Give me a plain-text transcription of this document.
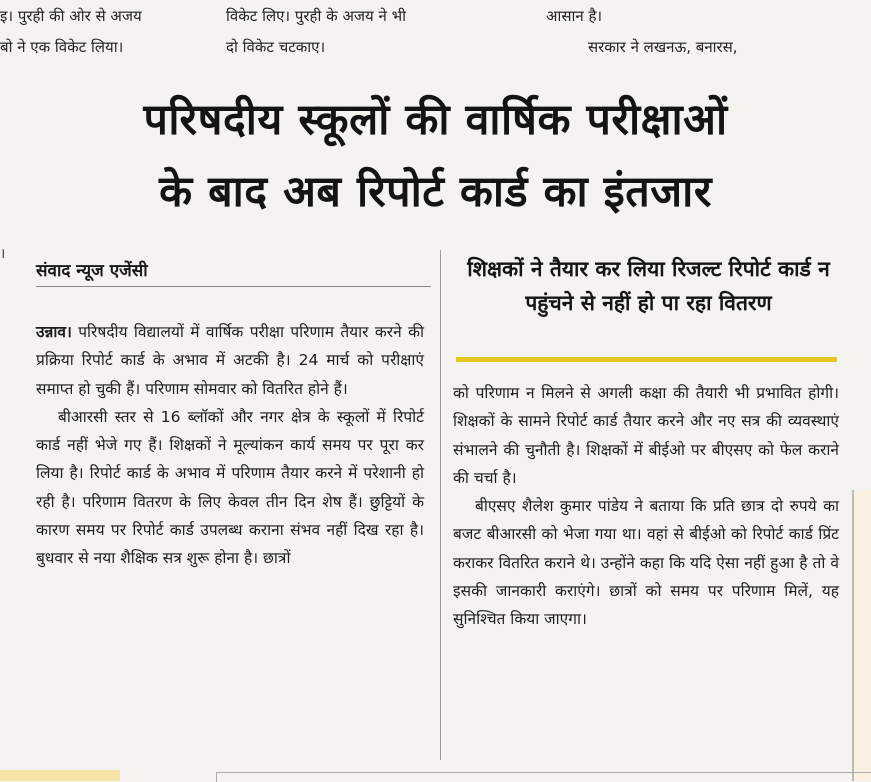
इ। पुरही की ओर से अजय
बो ने एक विकेट लिया।
विकेट लिए। पुरही के अजय ने भी
दो विकेट चटकाए।
आसान है।
सरकार ने लखनऊ, बनारस,
परिषदीय स्कूलों की वार्षिक परीक्षाओं
के बाद अब रिपोर्ट कार्ड का इंतजार
संवाद न्यूज एजेंसी	शिक्षकों ने तैयार कर लिया रिजल्ट रिपोर्ट कार्ड न पहुंचने से नहीं हो पा रहा वितरण

उन्नाव। परिषदीय विद्यालयों में वार्षिक परीक्षा परिणाम तैयार करने की प्रक्रिया रिपोर्ट कार्ड के अभाव में अटकी है। 24 मार्च को परीक्षाएं समाप्त हो चुकी हैं। परिणाम सोमवार को वितरित होने हैं।

बीआरसी स्तर से 16 ब्लॉकों और नगर क्षेत्र के स्कूलों में रिपोर्ट कार्ड नहीं भेजे गए हैं। शिक्षकों ने मूल्यांकन कार्य समय पर पूरा कर लिया है। रिपोर्ट कार्ड के अभाव में परिणाम तैयार करने में परेशानी हो रही है। परिणाम वितरण के लिए केवल तीन दिन शेष हैं। छुट्टियों के कारण समय पर रिपोर्ट कार्ड उपलब्ध कराना संभव नहीं दिख रहा है। बुधवार से नया शैक्षिक सत्र शुरू होना है। छात्रों

को परिणाम न मिलने से अगली कक्षा की तैयारी भी प्रभावित होगी। शिक्षकों के सामने रिपोर्ट कार्ड तैयार करने और नए सत्र की व्यवस्थाएं संभालने की चुनौती है। शिक्षकों में बीईओ पर बीएसए को फेल कराने की चर्चा है।

बीएसए शैलेश कुमार पांडेय ने बताया कि प्रति छात्र दो रुपये का बजट बीआरसी को भेजा गया था। वहां से बीईओ को रिपोर्ट कार्ड प्रिंट कराकर वितरित कराने थे। उन्होंने कहा कि यदि ऐसा नहीं हुआ है तो वे इसकी जानकारी कराएंगे। छात्रों को समय पर परिणाम मिलें, यह सुनिश्चित किया जाएगा।

।
